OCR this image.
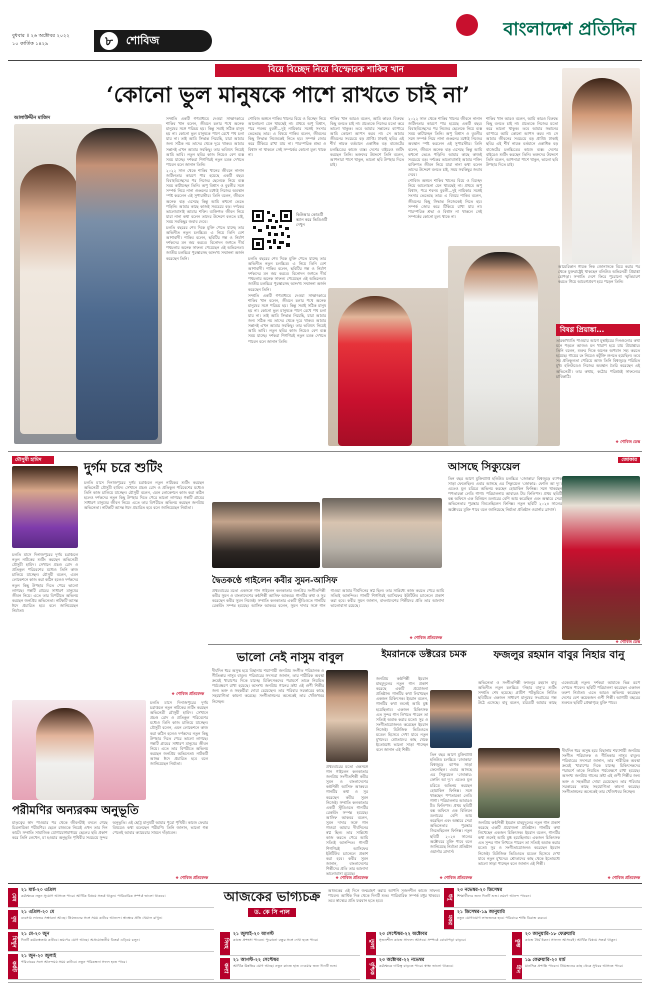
বুধবার ॥ ২৬ অক্টোবর ২০২২
১০ কার্তিক ১৪২৯	৮	শোবিজ
বাংলাদেশ প্রতিদিন
বিয়ে বিচ্ছেদ নিয়ে বিস্ফোরক শাকিব খান
‘কোনো ভুল মানুষকে পাশে রাখতে চাই না’
আলাউদ্দীন মাজিদ	সম্প্রতি একটি গণমাধ্যমে দেওয়া সাক্ষাৎকারে শাকিব খান বলেন, জীবনে চলার পথে অনেক মানুষের সঙ্গে পরিচয় হয়। কিন্তু সবাই সঠিক মানুষ হয় না। কোনো ভুল মানুষকে পাশে রেখে পথ চলা যায় না। তাই আমি সিদ্ধান্ত নিয়েছি, যারা আমার জন্য সঠিক নয় তাদের থেকে দূরে থাকব। আমার সন্তানই এখন আমার সবকিছু। তার ভবিষ্যৎ নিয়েই আমি ভাবি। নতুন ছবির কাজ নিয়েও বেশ ব্যস্ত সময় যাচ্ছে। দর্শকরা শিগগিরই নতুন চমক দেখতে পাবেন বলে জানান তিনি।

২০২২ সাল থেকে শাকিব খানের জীবনে নানান জটিলতার কারণে পার হয়েছে একটি বছর। বিবাহবিচ্ছেদের পর নিজের ছেলেকে নিয়ে ব্যস্ত সময় কাটাচ্ছেন তিনি। অপু বিশ্বাস ও বুবলীর সঙ্গে সম্পর্ক নিয়ে নানা গুঞ্জনের মধ্যেই নিজের অবস্থান স্পষ্ট করলেন এই সুপারস্টার। তিনি বলেন, জীবনে অনেক ঝড় এসেছে কিন্তু আমি কখনো ভেঙে পড়িনি। আমার কাছে কাজই সবচেয়ে বড়। দর্শকের ভালোবাসাই আমার শক্তি। ব্যক্তিগত জীবন নিয়ে যারা নানা কথা বলেন তাদের উদ্দেশে বলতে চাই, সময় সবকিছুর জবাব দেবে।

চলতি বছরের শেষ দিকে মুক্তি পেতে যাচ্ছে তার অভিনীত নতুন চলচ্চিত্র। এ নিয়ে তিনি বেশ আশাবাদী। শাকিব বলেন, ছবিটির গল্প ও নির্মাণ দর্শকদের মন জয় করবে। বিনোদন জগতে দীর্ঘ পথচলায় অনেক সাফল্য পেয়েছেন এই অভিনেতা। জাতীয় চলচ্চিত্র পুরস্কারসহ অসংখ্য সম্মাননা অর্জন করেছেন তিনি।

শোবিজ অঙ্গনে শাকিব খানের বিয়ে ও বিচ্ছেদ নিয়ে আলোচনা যেন থামছেই না। প্রথমে অপু বিশ্বাস, পরে শবনম বুবলী—দুই নায়িকার সঙ্গেই সংসার ভেঙেছে তার। এ বিষয়ে শাকিব বলেন, জীবনের কিছু সিদ্ধান্ত নিজেকেই নিতে হয়। সম্পর্ক জোর করে টিকিয়ে রাখা যায় না। পারস্পরিক শ্রদ্ধা ও বিশ্বাস না থাকলে সেই সম্পর্কের কোনো মূল্য থাকে না।

কিউআর কোডটি স্ক্যান করে ভিডিওটি দেখুন

চলতি বছরের শেষ দিকে মুক্তি পেতে যাচ্ছে তার অভিনীত নতুন চলচ্চিত্র। এ নিয়ে তিনি বেশ আশাবাদী। শাকিব বলেন, ছবিটির গল্প ও নির্মাণ দর্শকদের মন জয় করবে। বিনোদন জগতে দীর্ঘ পথচলায় অনেক সাফল্য পেয়েছেন এই অভিনেতা। জাতীয় চলচ্চিত্র পুরস্কারসহ অসংখ্য সম্মাননা অর্জন করেছেন তিনি।

সম্প্রতি একটি গণমাধ্যমে দেওয়া সাক্ষাৎকারে শাকিব খান বলেন, জীবনে চলার পথে অনেক মানুষের সঙ্গে পরিচয় হয়। কিন্তু সবাই সঠিক মানুষ হয় না। কোনো ভুল মানুষকে পাশে রেখে পথ চলা যায় না। তাই আমি সিদ্ধান্ত নিয়েছি, যারা আমার জন্য সঠিক নয় তাদের থেকে দূরে থাকব। আমার সন্তানই এখন আমার সবকিছু। তার ভবিষ্যৎ নিয়েই আমি ভাবি। নতুন ছবির কাজ নিয়েও বেশ ব্যস্ত সময় যাচ্ছে। দর্শকরা শিগগিরই নতুন চমক দেখতে পাবেন বলে জানান তিনি।

শাকিব খান আরও বলেন, আমি কারও বিরুদ্ধে কিছু বলতে চাই না। প্রত্যেকে নিজের মতো করে ভালো থাকুক। তবে আমার সন্তানের ব্যাপারে আমি কোনো আপস করব না। সে আমার জীবনের সবচেয়ে বড় প্রাপ্তি। ঢাকাই ছবির এই শীর্ষ নায়ক বর্তমানে একাধিক বড় বাজেটের চলচ্চিত্রের কাজে ব্যস্ত। দেশের বাইরেও শুটিং করছেন তিনি। ভক্তদের উদ্দেশে তিনি বলেন, আপনারা পাশে থাকুন, ভালো ছবি উপহার দিতে চাই।

২০২২ সাল থেকে শাকিব খানের জীবনে নানান জটিলতার কারণে পার হয়েছে একটি বছর। বিবাহবিচ্ছেদের পর নিজের ছেলেকে নিয়ে ব্যস্ত সময় কাটাচ্ছেন তিনি। অপু বিশ্বাস ও বুবলীর সঙ্গে সম্পর্ক নিয়ে নানা গুঞ্জনের মধ্যেই নিজের অবস্থান স্পষ্ট করলেন এই সুপারস্টার। তিনি বলেন, জীবনে অনেক ঝড় এসেছে কিন্তু আমি কখনো ভেঙে পড়িনি। আমার কাছে কাজই সবচেয়ে বড়। দর্শকের ভালোবাসাই আমার শক্তি। ব্যক্তিগত জীবন নিয়ে যারা নানা কথা বলেন তাদের উদ্দেশে বলতে চাই, সময় সবকিছুর জবাব দেবে।

শোবিজ অঙ্গনে শাকিব খানের বিয়ে ও বিচ্ছেদ নিয়ে আলোচনা যেন থামছেই না। প্রথমে অপু বিশ্বাস, পরে শবনম বুবলী—দুই নায়িকার সঙ্গেই সংসার ভেঙেছে তার। এ বিষয়ে শাকিব বলেন, জীবনের কিছু সিদ্ধান্ত নিজেকেই নিতে হয়। সম্পর্ক জোর করে টিকিয়ে রাখা যায় না। পারস্পরিক শ্রদ্ধা ও বিশ্বাস না থাকলে সেই সম্পর্কের কোনো মূল্য থাকে না।

শাকিব খান আরও বলেন, আমি কারও বিরুদ্ধে কিছু বলতে চাই না। প্রত্যেকে নিজের মতো করে ভালো থাকুক। তবে আমার সন্তানের ব্যাপারে আমি কোনো আপস করব না। সে আমার জীবনের সবচেয়ে বড় প্রাপ্তি। ঢাকাই ছবির এই শীর্ষ নায়ক বর্তমানে একাধিক বড় বাজেটের চলচ্চিত্রের কাজে ব্যস্ত। দেশের বাইরেও শুটিং করছেন তিনি। ভক্তদের উদ্দেশে তিনি বলেন, আপনারা পাশে থাকুন, ভালো ছবি উপহার দিতে চাই।

আমেরিকান গায়ক নিক জোনাসকে বিয়ে করার পর থেকে যুক্তরাষ্ট্রেই থাকছেন বলিউড অভিনেত্রী প্রিয়াঙ্কা চোপড়া। সম্প্রতি দেশে ফিরে পুরোনো স্মৃতিচারণ করতে গিয়ে আবেগপ্রবণ হয়ে পড়েন তিনি।
বিষণ্ণ প্রিয়াঙ্কা...
তারকাখ্যাতি পাওয়ার আগে মুম্বাইয়ের দিনগুলোর কথা মনে পড়লে আজও মন খারাপ হয়ে যায় প্রিয়াঙ্কার। তিনি বলেন, শুরুর দিকে অনেক অপমান সহ্য করতে হয়েছে। গায়ের রং নিয়েও কটূক্তি শুনতে হয়েছিল। তবে সব প্রতিকূলতা পেরিয়ে আজ তিনি বিশ্বজুড়ে পরিচিত মুখ। হলিউডেও নিজের অবস্থান তৈরি করেছেন এই অভিনেত্রী। তার কথায়, কঠোর পরিশ্রমই সাফল্যের চাবিকাঠি।
❖ শোবিজ ডেস্ক
মৌসুমী হামিদ
দুর্গম চরে শুটিং
চলতি মাসে দিনাজপুরের দুর্গম চরাঞ্চলে নতুন নাটকের শুটিং করছেন অভিনেত্রী মৌসুমী হামিদ। সেখানে প্রচণ্ড রোদ ও প্রতিকূল পরিবেশের মধ্যেও তিনি কাজ চালিয়ে যাচ্ছেন। মৌসুমী বলেন, এমন লোকেশনে কাজ করা কঠিন হলেও দর্শকদের নতুন কিছু উপহার দিতে পেরে ভালো লাগছে। গল্পটি গ্রামের সাধারণ মানুষের জীবন নিয়ে। এতে তার বিপরীতে অভিনয় করছেন জনপ্রিয় অভিনেতা। নাটকটি আসন্ন ঈদে প্রচারিত হবে বলে জানিয়েছেন নির্মাতা।
চলতি মাসে দিনাজপুরের দুর্গম চরাঞ্চলে নতুন নাটকের শুটিং করছেন অভিনেত্রী মৌসুমী হামিদ। সেখানে প্রচণ্ড রোদ ও প্রতিকূল পরিবেশের মধ্যেও তিনি কাজ চালিয়ে যাচ্ছেন। মৌসুমী বলেন, এমন লোকেশনে কাজ করা কঠিন হলেও দর্শকদের নতুন কিছু উপহার দিতে পেরে ভালো লাগছে। গল্পটি গ্রামের সাধারণ মানুষের জীবন নিয়ে। এতে তার বিপরীতে অভিনয় করছেন জনপ্রিয় অভিনেতা। নাটকটি আসন্ন ঈদে প্রচারিত হবে বলে জানিয়েছেন নির্মাতা।
❖ শোবিজ প্রতিবেদক
দ্বৈতকণ্ঠে গাইলেন কবীর সুমন-আসিফ
প্রথমবারের মতো একসঙ্গে গান গাইলেন কলকাতার জনপ্রিয় সংগীতশিল্পী কবীর সুমন ও বাংলাদেশের কণ্ঠশিল্পী আসিফ আকবর। গানটির কথা ও সুর করেছেন কবীর সুমন নিজেই। সম্প্রতি কলকাতার একটি স্টুডিওতে গানটির রেকর্ডিং সম্পন্ন হয়েছে। আসিফ আকবর বলেন, সুমন দাদার সঙ্গে গান গাওয়া আমার দীর্ঘদিনের স্বপ্ন ছিল। তার সান্নিধ্যে কাজ করতে পেরে আমি সত্যিই আনন্দিত। গানটি শিগগিরই আসিফের ইউটিউব চ্যানেলে প্রকাশ করা হবে। কবীর সুমন জানান, বাংলাদেশের শিল্পীদের প্রতি তার আলাদা ভালোবাসা রয়েছে।
❖ শোবিজ প্রতিবেদক
জোকার
আসছে সিক্যুয়েল
তিন বছর আগে মুক্তিপ্রাপ্ত হলিউড চলচ্চিত্র ‘জোকার’ বিশ্বজুড়ে ব্যাপক সাড়া ফেলেছিল। এবার আসছে এর সিক্যুয়েল ‘জোকার: ফোলি আ দ্যু’। এতেও মূল চরিত্রে অভিনয় করছেন হোয়াকিন ফিনিক্স। সঙ্গে থাকছেন পপতারকা লেডি গাগা। পরিচালনায় আবারও টড ফিলিপস। প্রথম ছবিটি বক্স অফিসে এক বিলিয়ন ডলারের বেশি আয় করেছিল এবং অস্কারে সেরা অভিনেতার পুরস্কার জিতেছিলেন ফিনিক্স। নতুন ছবিটি ২০২৪ সালের অক্টোবরে মুক্তি পাবে বলে জানিয়েছে নির্মাতা প্রতিষ্ঠান ওয়ার্নার ব্রাদার্স।
❖ শোবিজ ডেস্ক
পরীমণির অন্যরকম অনুভূতি
মাতৃত্বের স্বাদ পাওয়ার পর থেকে জীবনটাই বদলে গেছে চিত্রনায়িকা পরীমণির। ছেলে রাজ্যকে নিয়েই এখন তার দিন কাটে। সম্প্রতি সামাজিক যোগাযোগমাধ্যমে ছেলের ছবি প্রকাশ করে তিনি লেখেন, মা হওয়ার অনুভূতি পৃথিবীর সবচেয়ে সুন্দর অনুভূতি। এই ছোট্ট মানুষটি আমার পুরো পৃথিবী। কাজে ফেরার বিষয়েও কথা বলেছেন পরীমণি। তিনি জানান, ভালো গল্প পেলেই আবার ক্যামেরার সামনে দাঁড়াবেন।
চলতি মাসে দিনাজপুরের দুর্গম চরাঞ্চলে নতুন নাটকের শুটিং করছেন অভিনেত্রী মৌসুমী হামিদ। সেখানে প্রচণ্ড রোদ ও প্রতিকূল পরিবেশের মধ্যেও তিনি কাজ চালিয়ে যাচ্ছেন। মৌসুমী বলেন, এমন লোকেশনে কাজ করা কঠিন হলেও দর্শকদের নতুন কিছু উপহার দিতে পেরে ভালো লাগছে। গল্পটি গ্রামের সাধারণ মানুষের জীবন নিয়ে। এতে তার বিপরীতে অভিনয় করছেন জনপ্রিয় অভিনেতা। নাটকটি আসন্ন ঈদে প্রচারিত হবে বলে জানিয়েছেন নির্মাতা।
❖ শোবিজ প্রতিবেদক
ভালো নেই নাসুম বাবুল
দীর্ঘদিন ধরে অসুস্থ হয়ে বিছানায় শয্যাশায়ী জনপ্রিয় সংগীত পরিচালক ও গীতিকার নাসুম বাবুল। পরিবারের সদস্যরা জানান, তার শারীরিক অবস্থা ক্রমেই খারাপের দিকে যাচ্ছে। চিকিৎসকদের পরামর্শে তাকে নিয়মিত পর্যবেক্ষণে রাখা হয়েছে। অসংখ্য জনপ্রিয় গানের স্রষ্টা এই গুণী শিল্পীর জন্য ভক্ত ও সহকর্মীরা দোয়া চেয়েছেন। তার পরিবার সরকারের কাছে সহযোগিতা কামনা করেছে। সংগীতাঙ্গনের অনেকেই তার খোঁজখবর নিচ্ছেন।
প্রথমবারের মতো একসঙ্গে গান গাইলেন কলকাতার জনপ্রিয় সংগীতশিল্পী কবীর সুমন ও বাংলাদেশের কণ্ঠশিল্পী আসিফ আকবর। গানটির কথা ও সুর করেছেন কবীর সুমন নিজেই। সম্প্রতি কলকাতার একটি স্টুডিওতে গানটির রেকর্ডিং সম্পন্ন হয়েছে। আসিফ আকবর বলেন, সুমন দাদার সঙ্গে গান গাওয়া আমার দীর্ঘদিনের স্বপ্ন ছিল। তার সান্নিধ্যে কাজ করতে পেরে আমি সত্যিই আনন্দিত। গানটি শিগগিরই আসিফের ইউটিউব চ্যানেলে প্রকাশ করা হবে। কবীর সুমন জানান, বাংলাদেশের শিল্পীদের প্রতি তার আলাদা ভালোবাসা রয়েছে।
❖ শোবিজ প্রতিবেদক
ইমরানকে ডক্টরের চমক
জনপ্রিয় কণ্ঠশিল্পী ইমরান মাহমুদুলের নতুন গান প্রকাশ করেছে একটি প্রযোজনা প্রতিষ্ঠান। গানটির কথা লিখেছেন একজন চিকিৎসক। ইমরান বলেন, গানটির কথা শুনেই আমি মুগ্ধ হয়েছিলাম। একজন চিকিৎসক এত সুন্দর গান লিখতে পারেন তা সত্যিই অবাক করার মতো। সুর ও সংগীতায়োজনও করেছেন ইমরান নিজেই। মিউজিক ভিডিওতে মডেল হিসেবে দেখা যাবে নতুন মুখদের। শ্রোতাদের কাছ থেকে ইতোমধ্যে ভালো সাড়া পাচ্ছেন বলে জানান এই শিল্পী।
তিন বছর আগে মুক্তিপ্রাপ্ত হলিউড চলচ্চিত্র ‘জোকার’ বিশ্বজুড়ে ব্যাপক সাড়া ফেলেছিল। এবার আসছে এর সিক্যুয়েল ‘জোকার: ফোলি আ দ্যু’। এতেও মূল চরিত্রে অভিনয় করছেন হোয়াকিন ফিনিক্স। সঙ্গে থাকছেন পপতারকা লেডি গাগা। পরিচালনায় আবারও টড ফিলিপস। প্রথম ছবিটি বক্স অফিসে এক বিলিয়ন ডলারের বেশি আয় করেছিল এবং অস্কারে সেরা অভিনেতার পুরস্কার জিতেছিলেন ফিনিক্স। নতুন ছবিটি ২০২৪ সালের অক্টোবরে মুক্তি পাবে বলে জানিয়েছে নির্মাতা প্রতিষ্ঠান ওয়ার্নার ব্রাদার্স।
❖ শোবিজ প্রতিবেদক
ফজলুর রহমান বাবুর নিহার বানু
অভিনেতা ও সংগীতশিল্পী ফজলুর রহমান বাবু অভিনীত নতুন চলচ্চিত্র ‘নিহার বানু’র শুটিং সম্প্রতি শেষ হয়েছে। গ্রামীণ পটভূমিতে নির্মিত ছবিটিতে একজন সাধারণ মানুষের সংগ্রামের গল্প উঠে এসেছে। বাবু বলেন, চরিত্রটি আমার কাছে একেবারেই নতুন। দর্শকরা আমাকে ভিন্ন রূপে দেখতে পাবেন। ছবিটি পরিচালনা করেছেন একজন তরুণ নির্মাতা। এতে আরও অভিনয় করেছেন দেশের বেশ কয়েকজন গুণী শিল্পী। আগামী বছরের শুরুতে ছবিটি প্রেক্ষাগৃহে মুক্তি পাবে।
দীর্ঘদিন ধরে অসুস্থ হয়ে বিছানায় শয্যাশায়ী জনপ্রিয় সংগীত পরিচালক ও গীতিকার নাসুম বাবুল। পরিবারের সদস্যরা জানান, তার শারীরিক অবস্থা ক্রমেই খারাপের দিকে যাচ্ছে। চিকিৎসকদের পরামর্শে তাকে নিয়মিত পর্যবেক্ষণে রাখা হয়েছে। অসংখ্য জনপ্রিয় গানের স্রষ্টা এই গুণী শিল্পীর জন্য ভক্ত ও সহকর্মীরা দোয়া চেয়েছেন। তার পরিবার সরকারের কাছে সহযোগিতা কামনা করেছে। সংগীতাঙ্গনের অনেকেই তার খোঁজখবর নিচ্ছেন।
জনপ্রিয় কণ্ঠশিল্পী ইমরান মাহমুদুলের নতুন গান প্রকাশ করেছে একটি প্রযোজনা প্রতিষ্ঠান। গানটির কথা লিখেছেন একজন চিকিৎসক। ইমরান বলেন, গানটির কথা শুনেই আমি মুগ্ধ হয়েছিলাম। একজন চিকিৎসক এত সুন্দর গান লিখতে পারেন তা সত্যিই অবাক করার মতো। সুর ও সংগীতায়োজনও করেছেন ইমরান নিজেই। মিউজিক ভিডিওতে মডেল হিসেবে দেখা যাবে নতুন মুখদের। শ্রোতাদের কাছ থেকে ইতোমধ্যে ভালো সাড়া পাচ্ছেন বলে জানান এই শিল্পী।
❖ শোবিজ প্রতিবেদক
আজকের ভাগ্যচক্র
ড. কে সি পাল
আজকের এই দিনে জন্মগ্রহণ করায় আপনি সৃজনশীল কাজে সাফল্য পাবেন। আর্থিক দিক থেকে দিনটি শুভ। পারিবারিক সম্পর্ক মধুর থাকবে। তবে স্বাস্থ্যের প্রতি যত্নবান হতে হবে।
মেষ
২১ মার্চ-২০ এপ্রিল
কর্মক্ষেত্রে নতুন সুযোগ আসতে পারে। আর্থিক বিষয়ে সতর্ক থাকুন। পারিবারিক সম্পর্ক ভালো থাকবে।
বৃষ
২১ এপ্রিল-২০ মে
ব্যবসায় লাভের সম্ভাবনা আছে। প্রিয়জনের সঙ্গে সময় কাটবে আনন্দে। স্বাস্থ্যের প্রতি খেয়াল রাখুন।
মিথুন
২১ মে-২০ জুন
দিনটি কর্মব্যস্ততায় কাটবে। ভ্রমণের যোগ আছে। অপ্রয়োজনীয় বিতর্ক এড়িয়ে চলুন।
কর্কট
২১ জুন-২০ জুলাই
পরিবারের সঙ্গে আনন্দময় সময় কাটবে। নতুন পরিকল্পনা সফল হতে পারে।
সিংহ
২১ জুলাই-২০ আগস্ট
কাজে প্রশংসা পাবেন। পুরোনো বন্ধুর সঙ্গে দেখা হতে পারে।
কন্যা
২১ আগস্ট-২২ সেপ্টেম্বর
আর্থিক উন্নতির যোগ আছে। নতুন কাজে হাত দেওয়ার জন্য দিনটি শুভ।
তুলা
২৩ সেপ্টেম্বর-২২ অক্টোবর
সৃজনশীল কাজে সাফল্য আসবে। সম্পর্কে বোঝাপড়া বাড়বে।
বৃশ্চিক
২৩ অক্টোবর-২২ নভেম্বর
কর্মক্ষেত্রে দায়িত্ব বাড়তে পারে। স্বাস্থ্য ভালো থাকবে।
ধনু
২৩ নভেম্বর-২০ ডিসেম্বর
শিক্ষার্থীদের জন্য দিনটি শুভ। ভ্রমণে আনন্দ পাবেন।
মকর
২১ ডিসেম্বর-১৯ জানুয়ারি
নতুন যোগাযোগ লাভজনক হবে। পরিবারে শান্তি বিরাজ করবে।
কুম্ভ
২০ জানুয়ারি-১৮ ফেব্রুয়ারি
কাজে ধৈর্য ধরুন। সাফল্য আসবেই। আর্থিক বিষয়ে সতর্ক থাকুন।
মীন
১৯ ফেব্রুয়ারি-২০ মার্চ
মানসিক প্রশান্তি পাবেন। প্রিয়জনের কাছ থেকে সুখবর আসতে পারে।
